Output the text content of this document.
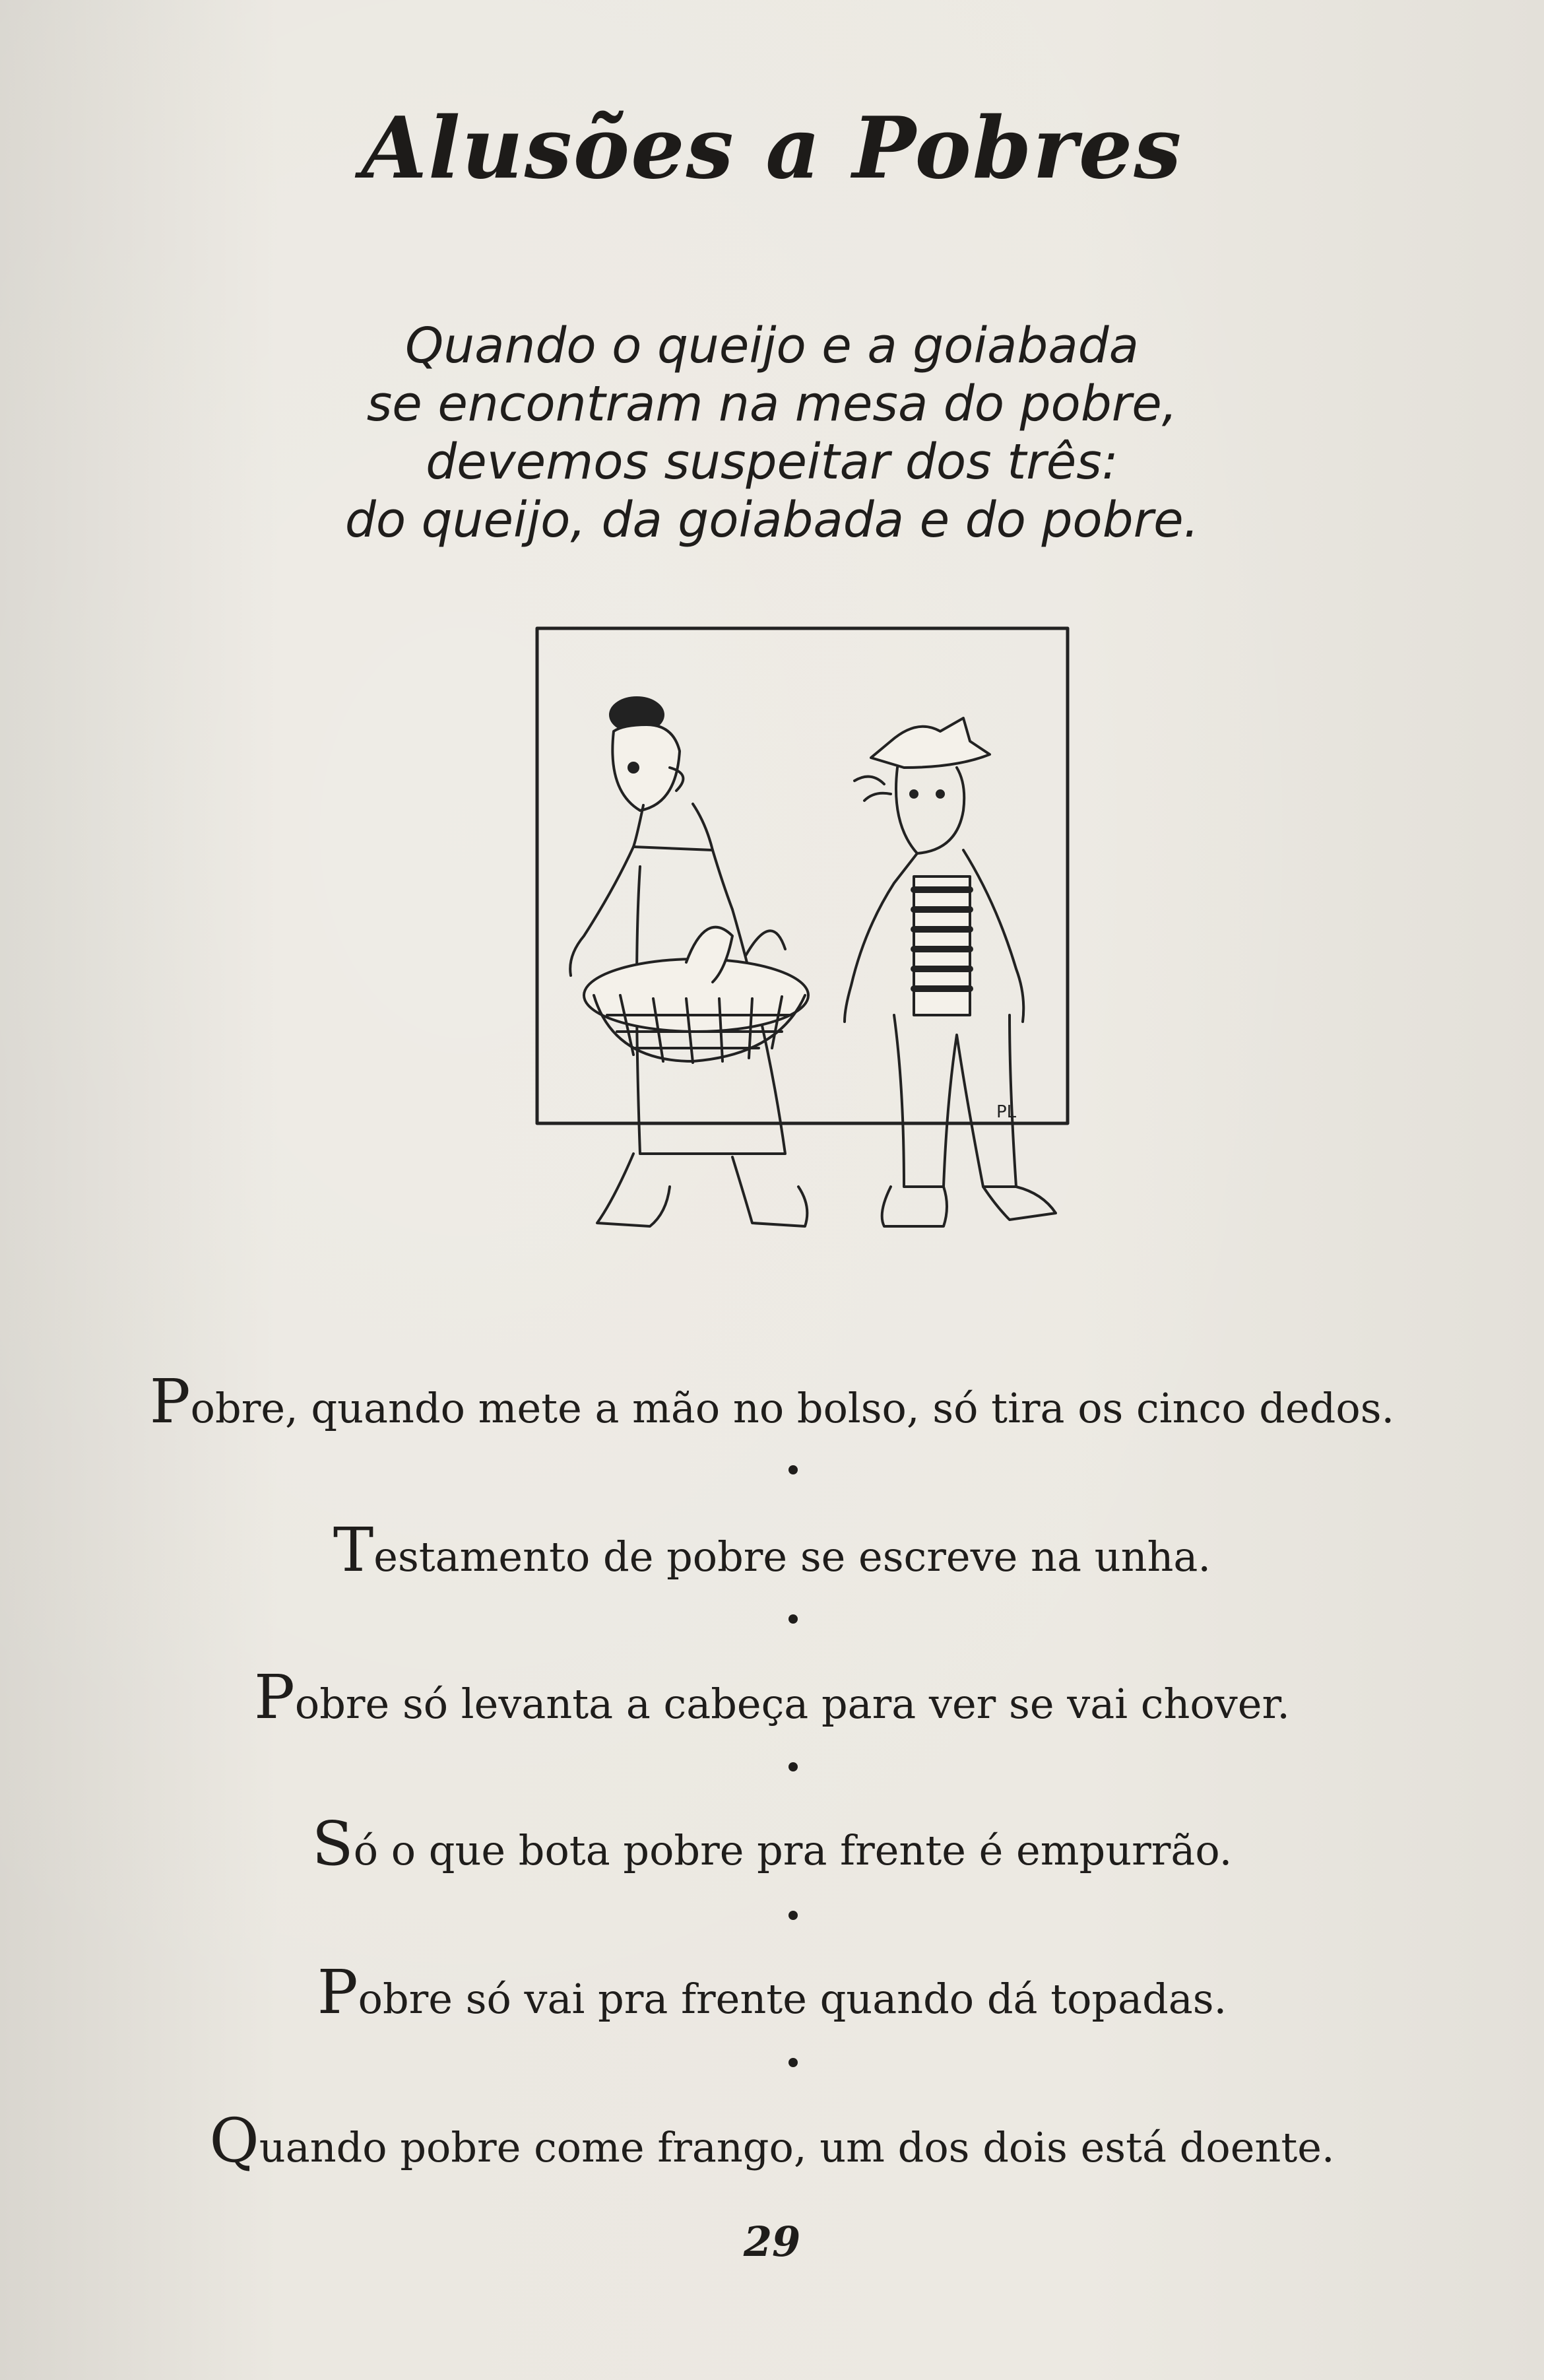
Alusões a Pobres
Quando o queijo e a goiabada
se encontram na mesa do pobre,
devemos suspeitar dos três:
do queijo, da goiabada e do pobre.
PL
Pobre, quando mete a mão no bolso, só tira os cinco dedos.
Testamento de pobre se escreve na unha.
Pobre só levanta a cabeça para ver se vai chover.
Só o que bota pobre pra frente é empurrão.
Pobre só vai pra frente quando dá topadas.
Quando pobre come frango, um dos dois está doente.
29
